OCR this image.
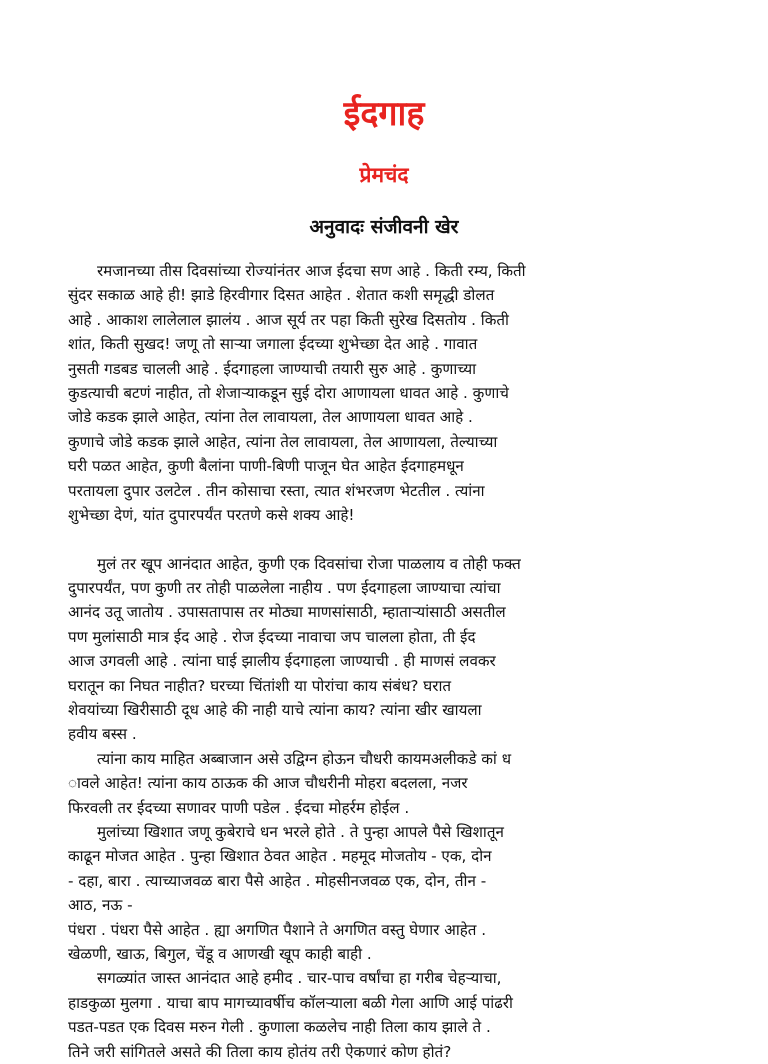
ईदगाह
प्रेमचंद
अनुवादः संजीवनी खेर
रमजानच्या तीस दिवसांच्या रोज्यांनंतर आज ईदचा सण आहे . किती रम्य, किती
सुंदर सकाळ आहे ही! झाडे हिरवीगार दिसत आहेत . शेतात कशी समृद्धी डोलत
आहे . आकाश लालेलाल झालंय . आज सूर्य तर पहा किती सुरेख दिसतोय . किती
शांत, किती सुखद! जणू तो साऱ्या जगाला ईदच्या शुभेच्छा देत आहे . गावात
नुसती गडबड चालली आहे . ईदगाहला जाण्याची तयारी सुरु आहे . कुणाच्या
कुडत्याची बटणं नाहीत, तो शेजाऱ्याकडून सुई दोरा आणायला धावत आहे . कुणाचे
जोडे कडक झाले आहेत, त्यांना तेल लावायला, तेल आणायला धावत आहे .
कुणाचे जोडे कडक झाले आहेत, त्यांना तेल लावायला, तेल आणायला, तेल्याच्या
घरी पळत आहेत, कुणी बैलांना पाणी-बिणी पाजून घेत आहेत ईदगाहमधून
परतायला दुपार उलटेल . तीन कोसाचा रस्ता, त्यात शंभरजण भेटतील . त्यांना
शुभेच्छा देणं, यांत दुपारपर्यंत परतणे कसे शक्य आहे!
मुलं तर खूप आनंदात आहेत, कुणी एक दिवसांचा रोजा पाळलाय व तोही फक्त
दुपारपर्यंत, पण कुणी तर तोही पाळलेला नाहीय . पण ईदगाहला जाण्याचा त्यांचा
आनंद उतू जातोय . उपासतापास तर मोठ्या माणसांसाठी, म्हाताऱ्यांसाठी असतील
पण मुलांसाठी मात्र ईद आहे . रोज ईदच्या नावाचा जप चालला होता, ती ईद
आज उगवली आहे . त्यांना घाई झालीय ईदगाहला जाण्याची . ही माणसं लवकर
घरातून का निघत नाहीत? घरच्या चिंतांशी या पोरांचा काय संबंध? घरात
शेवयांच्या खिरीसाठी दूध आहे की नाही याचे त्यांना काय? त्यांना खीर खायला
हवीय बस्स .
त्यांना काय माहित अब्बाजान असे उद्विग्न होऊन चौधरी कायमअलीकडे कां ध
ावले आहेत! त्यांना काय ठाऊक की आज चौधरीनी मोहरा बदलला, नजर
फिरवली तर ईदच्या सणावर पाणी पडेल . ईदचा मोहर्रम होईल .
मुलांच्या खिशात जणू कुबेराचे धन भरले होते . ते पुन्हा आपले पैसे खिशातून
काढून मोजत आहेत . पुन्हा खिशात ठेवत आहेत . महमूद मोजतोय - एक, दोन
- दहा, बारा . त्याच्याजवळ बारा पैसे आहेत . मोहसीनजवळ एक, दोन, तीन -
आठ, नऊ -
पंधरा . पंधरा पैसे आहेत . ह्या अगणित पैशाने ते अगणित वस्तु घेणार आहेत .
खेळणी, खाऊ, बिगुल, चेंडू व आणखी खूप काही बाही .
सगळ्यांत जास्त आनंदात आहे हमीद . चार-पाच वर्षांचा हा गरीब चेहऱ्याचा,
हाडकुळा मुलगा . याचा बाप मागच्यावर्षीच कॉलऱ्याला बळी गेला आणि आई पांढरी
पडत-पडत एक दिवस मरुन गेली . कुणाला कळलेच नाही तिला काय झाले ते .
तिने जरी सांगितले असते की तिला काय होतंय तरी ऐकणारं कोण होतं?
